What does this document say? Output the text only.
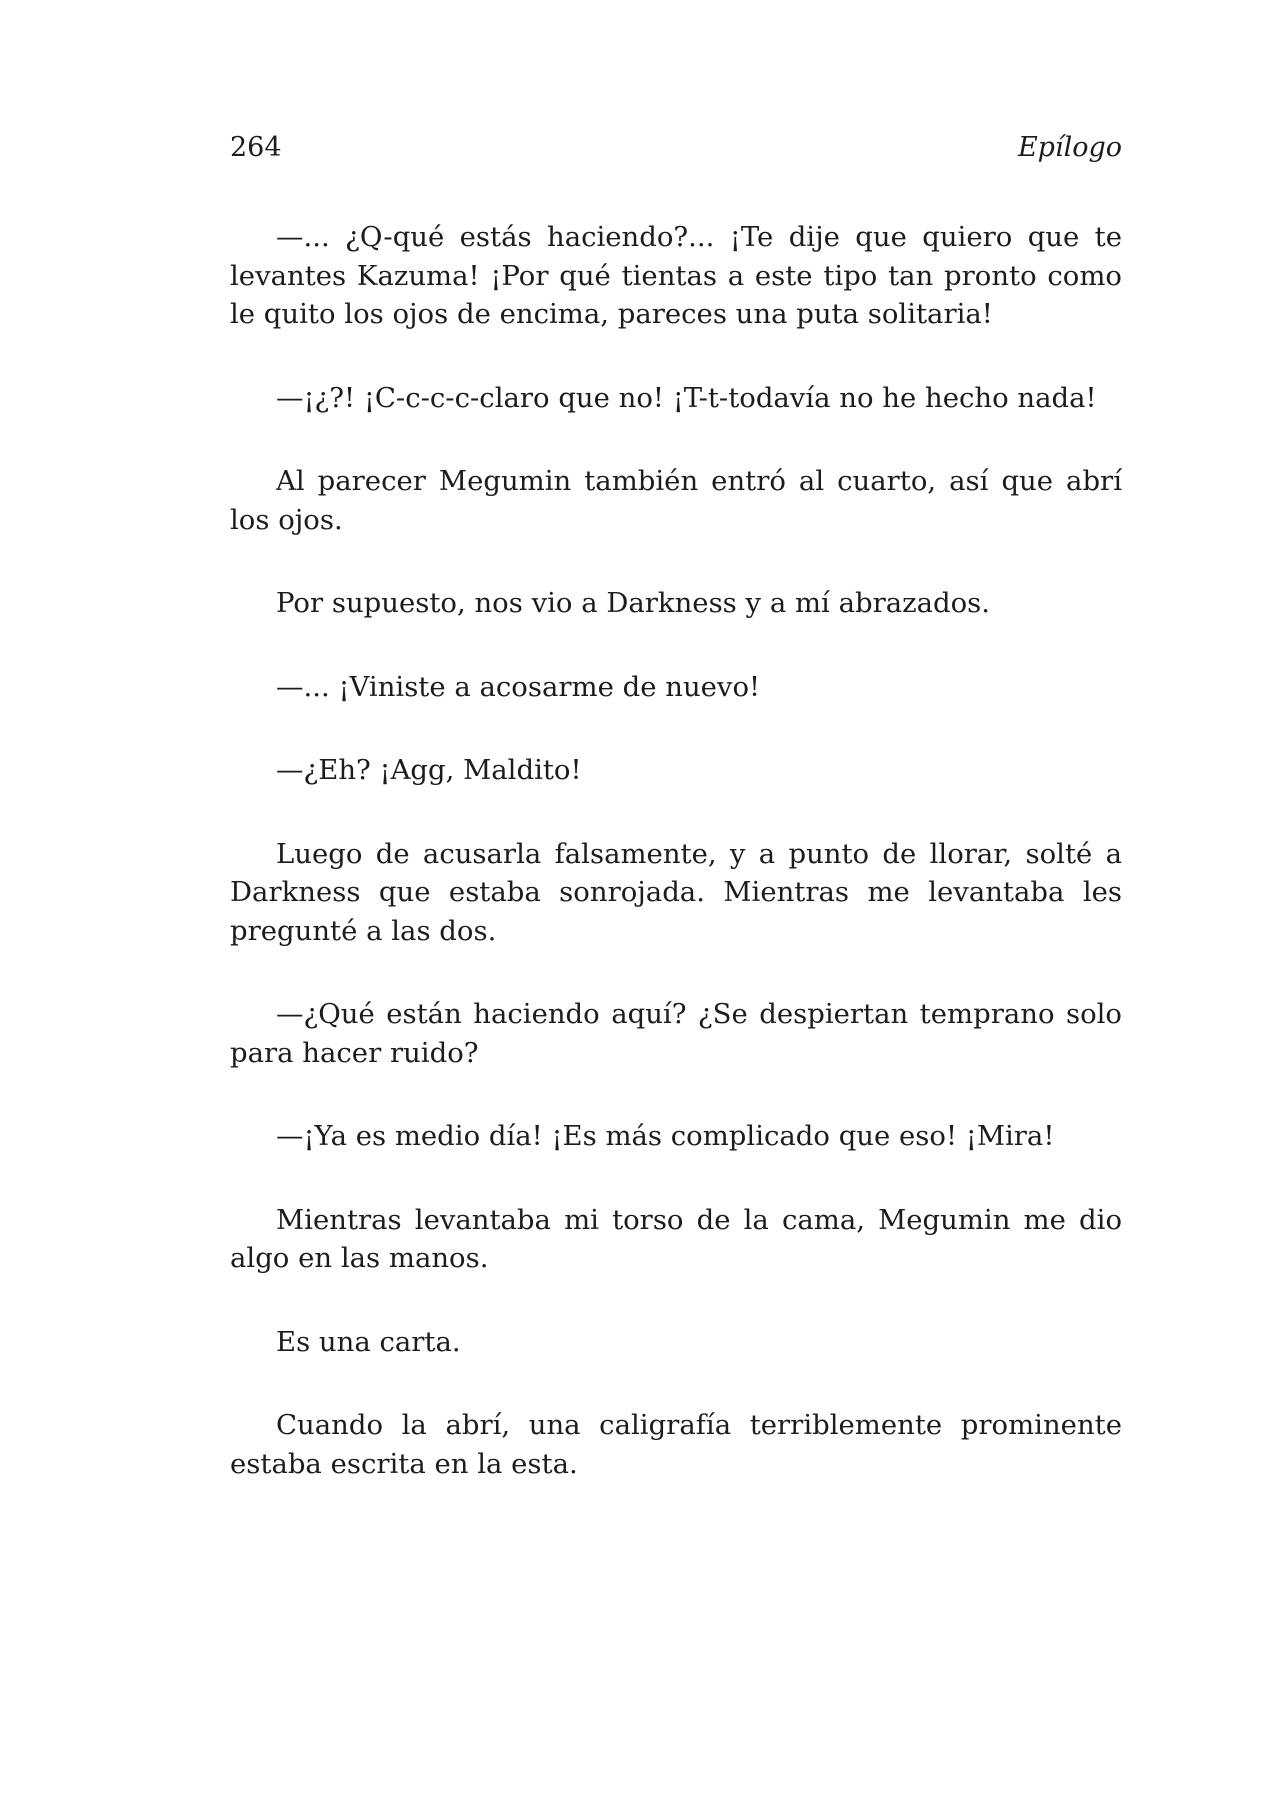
264	Epílogo

—... ¿Q-qué estás haciendo?... ¡Te dije que quiero que te levantes Kazuma! ¡Por qué tientas a este tipo tan pronto como le quito los ojos de encima, pareces una puta solitaria!

—¡¿?! ¡C-c-c-c-claro que no! ¡T-t-todavía no he hecho nada!

Al parecer Megumin también entró al cuarto, así que abrí los ojos.

Por supuesto, nos vio a Darkness y a mí abrazados.

—... ¡Viniste a acosarme de nuevo!

—¿Eh? ¡Agg, Maldito!

Luego de acusarla falsamente, y a punto de llorar, solté a Darkness que estaba sonrojada. Mientras me levantaba les pregunté a las dos.

—¿Qué están haciendo aquí? ¿Se despiertan temprano solo para hacer ruido?

—¡Ya es medio día! ¡Es más complicado que eso! ¡Mira!

Mientras levantaba mi torso de la cama, Megumin me dio algo en las manos.

Es una carta.

Cuando la abrí, una caligrafía terriblemente prominente estaba escrita en la esta.
